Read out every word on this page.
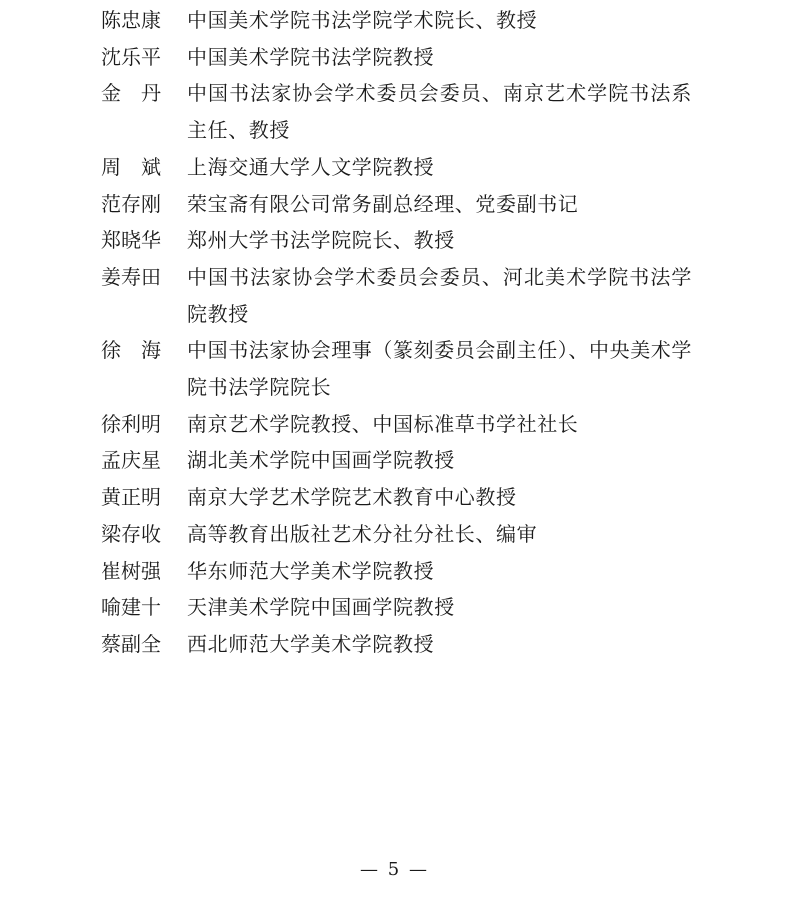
陈忠康 中国美术学院书法学院学术院长、教授
沈乐平 中国美术学院书法学院教授
金　丹 中国书法家协会学术委员会委员、南京艺术学院书法系主任、教授
周　斌 上海交通大学人文学院教授
范存刚 荣宝斋有限公司常务副总经理、党委副书记
郑晓华 郑州大学书法学院院长、教授
姜寿田 中国书法家协会学术委员会委员、河北美术学院书法学院教授
徐　海 中国书法家协会理事（篆刻委员会副主任）、中央美术学院书法学院院长
徐利明 南京艺术学院教授、中国标准草书学社社长
孟庆星 湖北美术学院中国画学院教授
黄正明 南京大学艺术学院艺术教育中心教授
梁存收 高等教育出版社艺术分社分社长、编审
崔树强 华东师范大学美术学院教授
喻建十 天津美术学院中国画学院教授
蔡副全 西北师范大学美术学院教授
— 5 —
